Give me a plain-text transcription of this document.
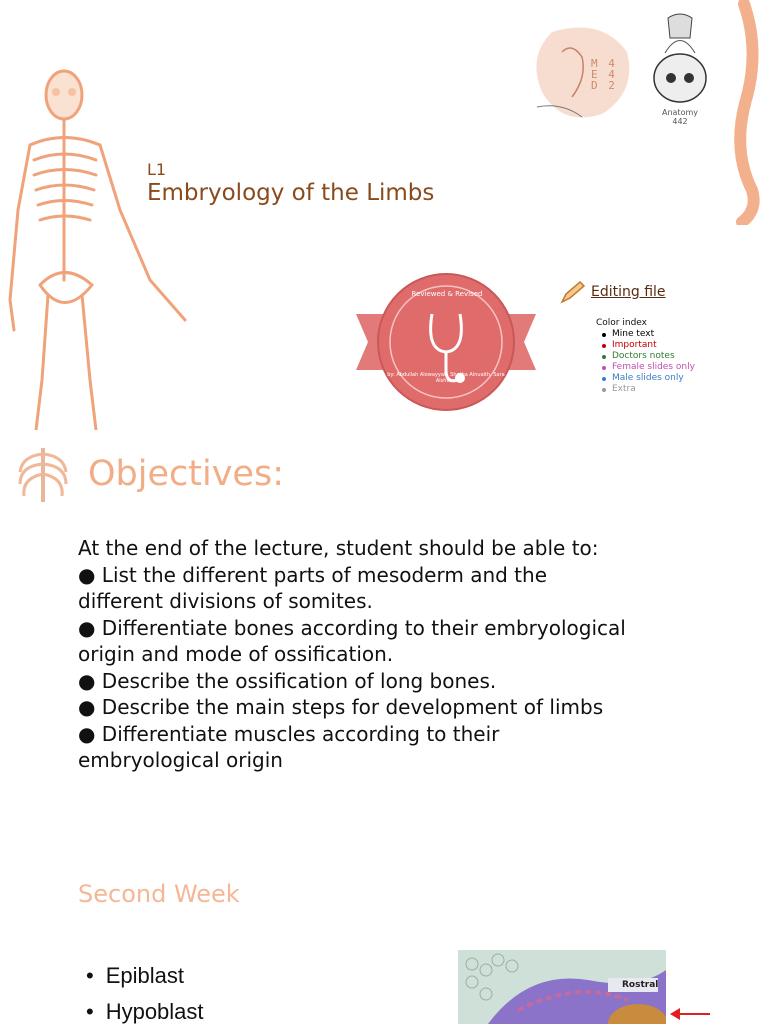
M 4
E 4
D 2
Anatomy
442
L1
Embryology of the Limbs
Reviewed & Revised
by: Abdullah Alowayyah, Shatha Alnuaith, Sara Alshehri
Editing file
Color index
Mine text
Important
Doctors notes
Female slides only
Male slides only
Extra
Objectives:
At the end of the lecture, student should be able to:
● List the different parts of mesoderm and the
different divisions of somites.
● Differentiate bones according to their embryological
origin and mode of ossification.
● Describe the ossification of long bones.
● Describe the main steps for development of limbs
● Differentiate muscles according to their
embryological origin
Second Week
• Epiblast
• Hypoblast
Rostral
